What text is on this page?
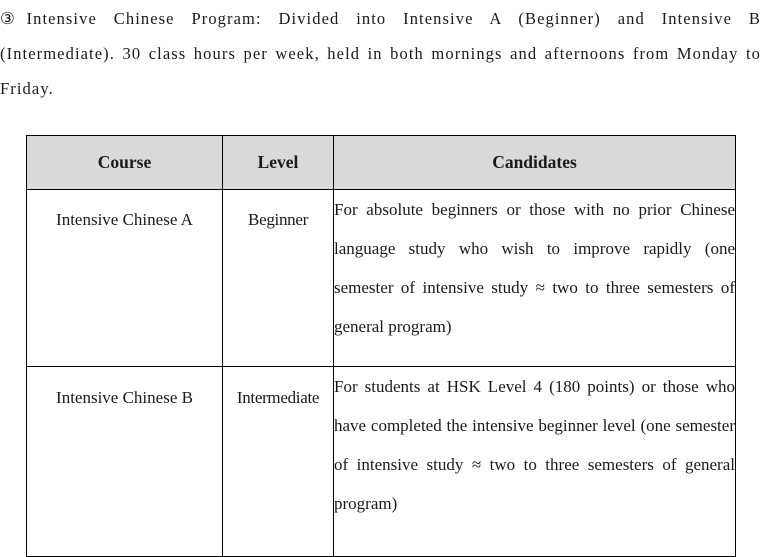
③Intensive Chinese Program: Divided into Intensive A (Beginner) and Intensive B (Intermediate). 30 class hours per week, held in both mornings and afternoons from Monday to Friday.
Course	Level	Candidates
Intensive Chinese A	Beginner	For absolute beginners or those with no prior Chinese language study who wish to improve rapidly (one semester of intensive study ≈ two to three semesters of general program)
Intensive Chinese B	Intermediate	For students at HSK Level 4 (180 points) or those who have completed the intensive beginner level (one semester of intensive study ≈ two to three semesters of general program)
